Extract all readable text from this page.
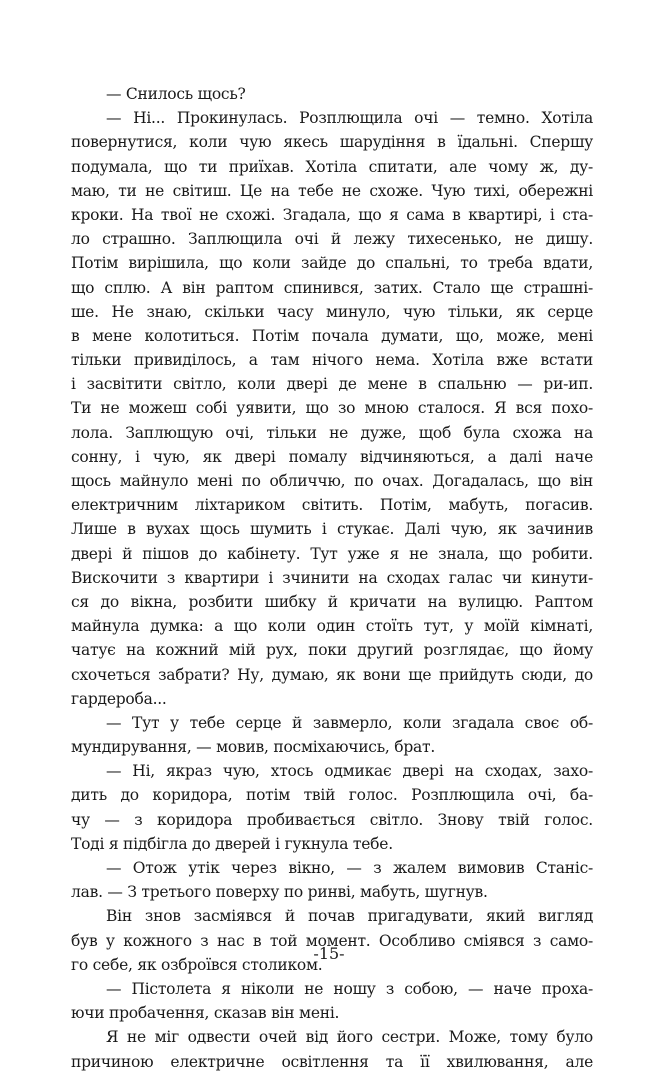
— Снилось щось?
— Ні... Прокинулась. Розплющила очі — темно. Хотіла
повернутися, коли чую якесь шарудіння в їдальні. Спершу
подумала, що ти приїхав. Хотіла спитати, але чому ж, ду-
маю, ти не світиш. Це на тебе не схоже. Чую тихі, обережні
кроки. На твої не схожі. Згадала, що я сама в квартирі, і ста-
ло страшно. Заплющила очі й лежу тихесенько, не дишу.
Потім вирішила, що коли зайде до спальні, то треба вдати,
що сплю. А він раптом спинився, затих. Стало ще страшні-
ше. Не знаю, скільки часу минуло, чую тільки, як серце
в мене колотиться. Потім почала думати, що, може, мені
тільки привиділось, а там нічого нема. Хотіла вже встати
і засвітити світло, коли двері де мене в спальню — ри-ип.
Ти не можеш собі уявити, що зо мною сталося. Я вся похо-
лола. Заплющую очі, тільки не дуже, щоб була схожа на
сонну, і чую, як двері помалу відчиняються, а далі наче
щось майнуло мені по обличчю, по очах. Догадалась, що він
електричним ліхтариком світить. Потім, мабуть, погасив.
Лише в вухах щось шумить і стукає. Далі чую, як зачинив
двері й пішов до кабінету. Тут уже я не знала, що робити.
Вискочити з квартири і зчинити на сходах галас чи кинути-
ся до вікна, розбити шибку й кричати на вулицю. Раптом
майнула думка: а що коли один стоїть тут, у моїй кімнаті,
чатує на кожний мій рух, поки другий розглядає, що йому
схочеться забрати? Ну, думаю, як вони ще прийдуть сюди, до
гардероба...
— Тут у тебе серце й завмерло, коли згадала своє об-
мундирування, — мовив, посміхаючись, брат.
— Ні, якраз чую, хтось одмикає двері на сходах, захо-
дить до коридора, потім твій голос. Розплющила очі, ба-
чу — з коридора пробивається світло. Знову твій голос.
Тоді я підбігла до дверей і гукнула тебе.
— Отож утік через вікно, — з жалем вимовив Станіс-
лав. — З третього поверху по ринві, мабуть, шугнув.
Він знов засміявся й почав пригадувати, який вигляд
був у кожного з нас в той момент. Особливо сміявся з само-
го себе, як озброївся столиком.
— Пістолета я ніколи не ношу з собою, — наче прoха-
ючи пробачення, сказав він мені.
Я не міг одвести очей від його сестри. Може, тому було
причиною електричне освітлення та її хвилювання, але
-15-
